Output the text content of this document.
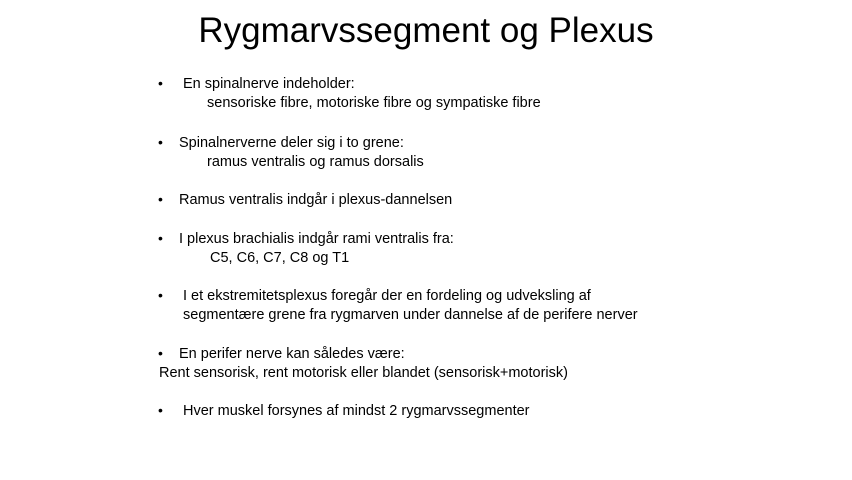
Rygmarvssegment og Plexus
• En spinalnerve indeholder:
sensoriske fibre, motoriske fibre og sympatiske fibre
• Spinalnerverne deler sig i to grene:
ramus ventralis og ramus dorsalis
• Ramus ventralis indgår i plexus-dannelsen
• I plexus brachialis indgår rami ventralis fra:
C5, C6, C7, C8 og T1
• I et ekstremitetsplexus foregår der en fordeling og udveksling af
segmentære grene fra rygmarven under dannelse af de perifere nerver
• En perifer nerve kan således være:
Rent sensorisk, rent motorisk eller blandet (sensorisk+motorisk)
• Hver muskel forsynes af mindst 2 rygmarvssegmenter
